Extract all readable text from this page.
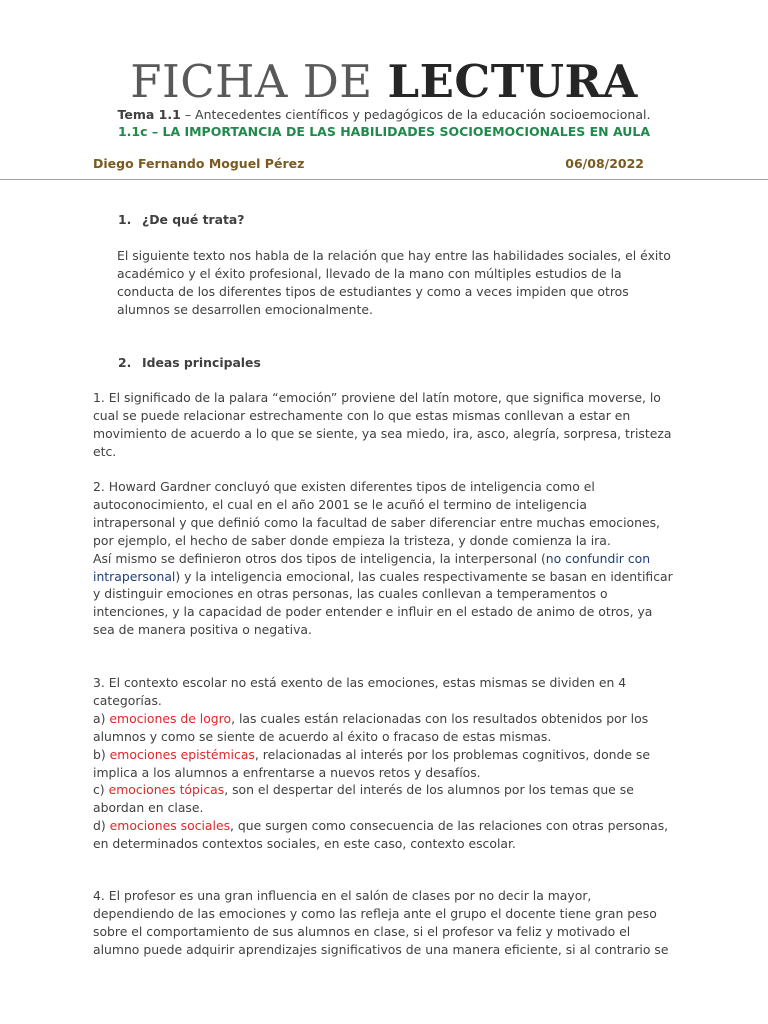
FICHA DE LECTURA
Tema 1.1 – Antecedentes científicos y pedagógicos de la educación socioemocional.
1.1c – LA IMPORTANCIA DE LAS HABILIDADES SOCIOEMOCIONALES EN AULA
Diego Fernando Moguel Pérez	06/08/2022
1. ¿De qué trata?

El siguiente texto nos habla de la relación que hay entre las habilidades sociales, el éxito

académico y el éxito profesional, llevado de la mano con múltiples estudios de la

conducta de los diferentes tipos de estudiantes y como a veces impiden que otros

alumnos se desarrollen emocionalmente.

2. Ideas principales

1. El significado de la palara “emoción” proviene del latín motore, que significa moverse, lo

cual se puede relacionar estrechamente con lo que estas mismas conllevan a estar en

movimiento de acuerdo a lo que se siente, ya sea miedo, ira, asco, alegría, sorpresa, tristeza

etc.

2. Howard Gardner concluyó que existen diferentes tipos de inteligencia como el

autoconocimiento, el cual en el año 2001 se le acuñó el termino de inteligencia

intrapersonal y que definió como la facultad de saber diferenciar entre muchas emociones,

por ejemplo, el hecho de saber donde empieza la tristeza, y donde comienza la ira.

Así mismo se definieron otros dos tipos de inteligencia, la interpersonal (no confundir con

intrapersonal) y la inteligencia emocional, las cuales respectivamente se basan en identificar

y distinguir emociones en otras personas, las cuales conllevan a temperamentos o

intenciones, y la capacidad de poder entender e influir en el estado de animo de otros, ya

sea de manera positiva o negativa.

3. El contexto escolar no está exento de las emociones, estas mismas se dividen en 4

categorías.

a) emociones de logro, las cuales están relacionadas con los resultados obtenidos por los

alumnos y como se siente de acuerdo al éxito o fracaso de estas mismas.

b) emociones epistémicas, relacionadas al interés por los problemas cognitivos, donde se

implica a los alumnos a enfrentarse a nuevos retos y desafíos.

c) emociones tópicas, son el despertar del interés de los alumnos por los temas que se

abordan en clase.

d) emociones sociales, que surgen como consecuencia de las relaciones con otras personas,

en determinados contextos sociales, en este caso, contexto escolar.

4. El profesor es una gran influencia en el salón de clases por no decir la mayor,

dependiendo de las emociones y como las refleja ante el grupo el docente tiene gran peso

sobre el comportamiento de sus alumnos en clase, si el profesor va feliz y motivado el

alumno puede adquirir aprendizajes significativos de una manera eficiente, si al contrario se
